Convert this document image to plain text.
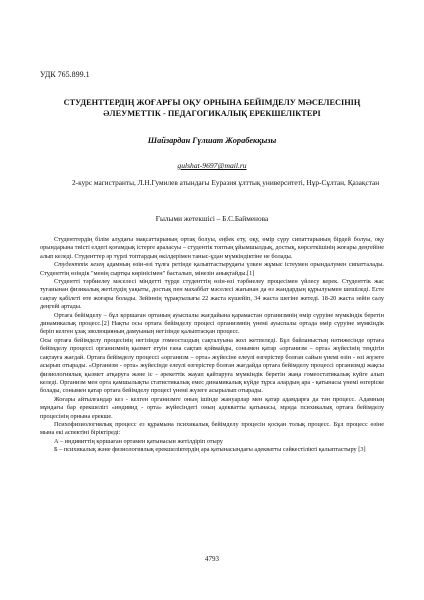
УДК 765.899.1
СТУДЕНТТЕРДІҢ ЖОҒАРҒЫ ОҚУ ОРНЫНА БЕЙІМДЕЛУ МӘСЕЛЕСІНІҢ
ӘЛЕУМЕТТІК - ПЕДАГОГИКАЛЫҚ ЕРЕКШЕЛІКТЕРІ
Шайзардан Гүлшат Жорабекқызы
gulshat-9697@mail.ru
2-курс магистранты, Л.Н.Гумилев атындағы Еуразия ұлттық университеті, Нұр-Сұлтан, Қазақстан
Ғылыми жетекшісі – Б.С.Байменова

Студенттердің білім алудағы мақсаттарының ортақ болуы, еңбек ету, оқу, өмір сүру сипаттарының бірдей болуы, оқу орындарына тиісті елдегі қоғамдық істерге араласуы – студентік топтың ұйымшылдық, достық, көрсеткішінің жоғары деңгейіне алып келеді. Студенттер әр түрлі топтардың өкілдерімен таныс-ұдан мүмкіндіктіне не болады.

Студенттік кезең адамның өзін-өзі тұлға ретінде қалыптастырудағы үлкен жұмыс істеумен орындалумен сипатталады. Студенттің өзіндік "менің сыртқы көрінісімен" басталып, мінезін анықтайды.[1]

Студентті тәрбиелеу мәселесі міндетті түрде студенттің өзін-өзі тәрбиелеу процесімен үйлесу керек. Студенттік жас туғанынан физикалық жетілудің уақыты, достық пен махаббат мәселесі жағынан да өз жандардың құрылуымен шешіледі. Есте сақтау қабілеті өте жоғары болады. Зейіннің тұрақтылығы 22 жаста күшейіп, 34 жаста шегіне жетеді. 18-20 жаста зейін салу деңгейі артады.

Ортаға бейімделу – бұл қоршаған ортаның ауыспалы жағдайына қарамастан организмнің өмір сүруіне мүмкіндік беретін динамикалық процесс.[2] Нақты осы ортаға бейімделу процесі организмнің үнемі ауыспалы ортада өмір сүруіне мүмкіндік беріп келген ұзақ эволюцияның дамуының негізінде қалыптасқан процесс.

Осы ортаға бейімделу процесінің негізінде гомеостаздың сақталуына жол жетпеледі. Бұл байланыстың нәтижесінде ортаға бейімделу процессі организмнің қызмет етуін ғана сақтап қоймайды, сонымен қатар «организм – орта» жүйесінің теңдігін сақтауға жағдай. Ортаға бейімделу процессі «организм – орта» жүйесіне елеулі өзгерістер болған сайын үнемі өзін - өзі жүзеге асырып отырады. «Организм - орта» жүйесінде елеулі өзгерістер болған жағдайда ортаға бейімделу процессі организмді жақсы физиологиялық қызмет атқаруға және іс - әрекеттік жауап қайтаруға мүмкіндік беретін жаңа гомеостатикалық күйге алып келеді. Организм мен орта қамшылықты статистикалық емес динамикалық күйде тұрса алардың ара - қатынасы үнемі өзгеріске болады, сонымен қатар ортаға бейімделу процесі үнемі жүзеге асырылып отырады.

Жоғары айтылғандар кез - келген организмге оның ішінде жануарлар мен қатар адамдарға да тән процесс. Адамның мұндағы бар ерекшелігі «индивид - орта» жүйесіндегі оның адекватты қатынасы, мұнда психикалық ортаға бейімделу процесінің орнына ерекше.

Психофизиологиялық процесс ез құрамына психикалық бейімделу процесін қосқан толық процесс. Бұл процесс өзіне мына екі аспектіні біріктіреді:

А – индивиттің қоршаған ортамен қатынасын жетілдіріп отыру

Б – психикалық және физиологиялық ерекшеліктердің ара қатынасындағы адекватты сәйкестілікті қалыптастыру [3]

4793
